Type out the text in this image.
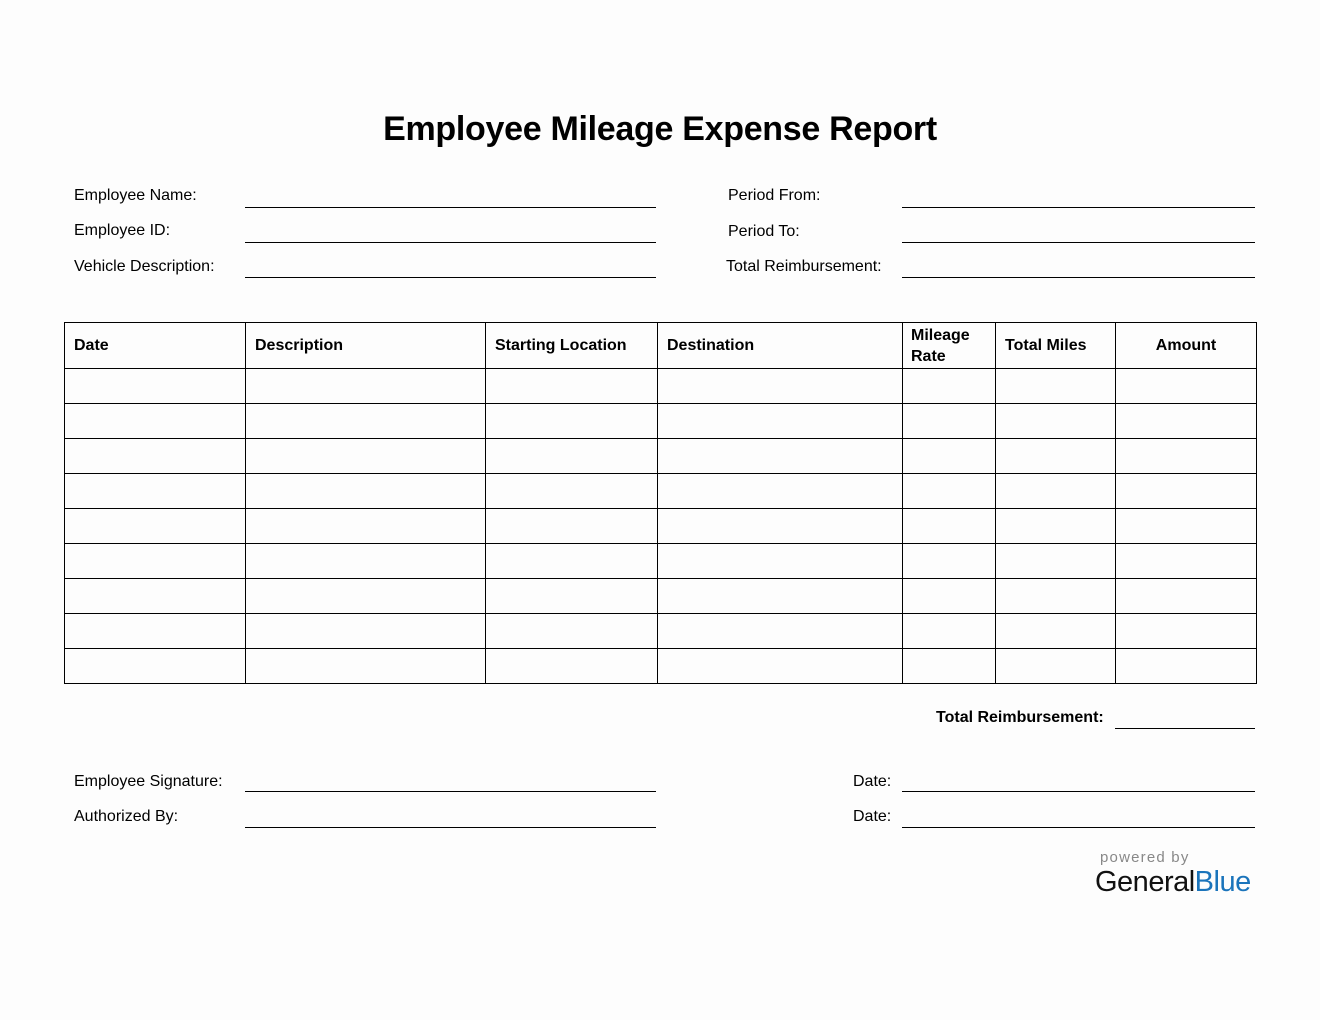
Employee Mileage Expense Report
Employee Name:
Employee ID:
Vehicle Description:
Period From:
Period To:
Total Reimbursement:
Date	Description	Starting Location	Destination	Mileage Rate	Total Miles	Amount

Total Reimbursement:
Employee Signature:
Authorized By:
Date:
Date:
powered by
GeneralBlue
